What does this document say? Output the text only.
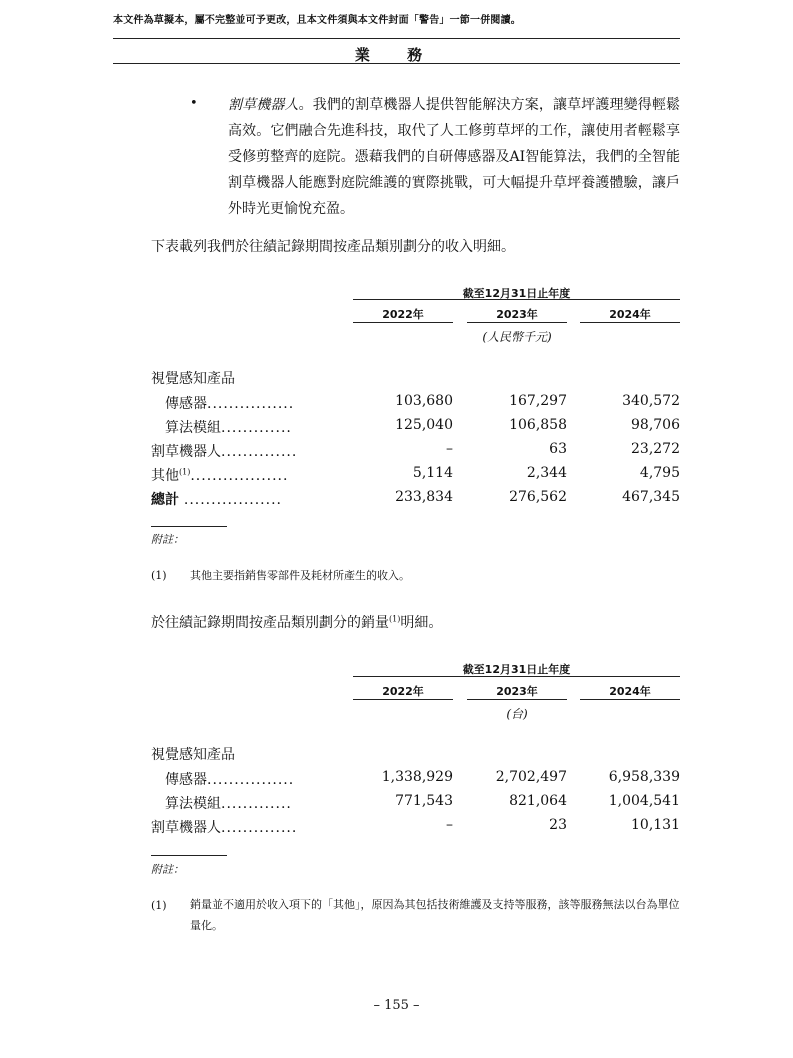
本文件為草擬本，屬不完整並可予更改，且本文件須與本文件封面「警告」一節一併閱讀。
業 務
• 割草機器人。我們的割草機器人提供智能解決方案，讓草坪護理變得輕鬆高效。它們融合先進科技，取代了人工修剪草坪的工作，讓使用者輕鬆享受修剪整齊的庭院。憑藉我們的自研傳感器及AI智能算法，我們的全智能割草機器人能應對庭院維護的實際挑戰，可大幅提升草坪養護體驗，讓戶外時光更愉悅充盈。
下表載列我們於往績記錄期間按產品類別劃分的收入明細。
截至12月31日止年度
2022年	2023年	2024年
(人民幣千元)
視覺感知產品
傳感器................	103,680	167,297	340,572
算法模組.............	125,040	106,858	98,706
割草機器人..............	–	63	23,272
其他$^{(1)}$..................	5,114	2,344	4,795
總計 ..................	233,834	276,562	467,345
附註：
(1) 其他主要指銷售零部件及耗材所產生的收入。
於往績記錄期間按產品類別劃分的銷量$^{(1)}$明細。
截至12月31日止年度
2022年	2023年	2024年
(台)
視覺感知產品
傳感器................	1,338,929	2,702,497	6,958,339
算法模組.............	771,543	821,064	1,004,541
割草機器人..............	–	23	10,131
附註：
(1) 銷量並不適用於收入項下的「其他」，原因為其包括技術維護及支持等服務，該等服務無法以台為單位量化。
– 155 –
